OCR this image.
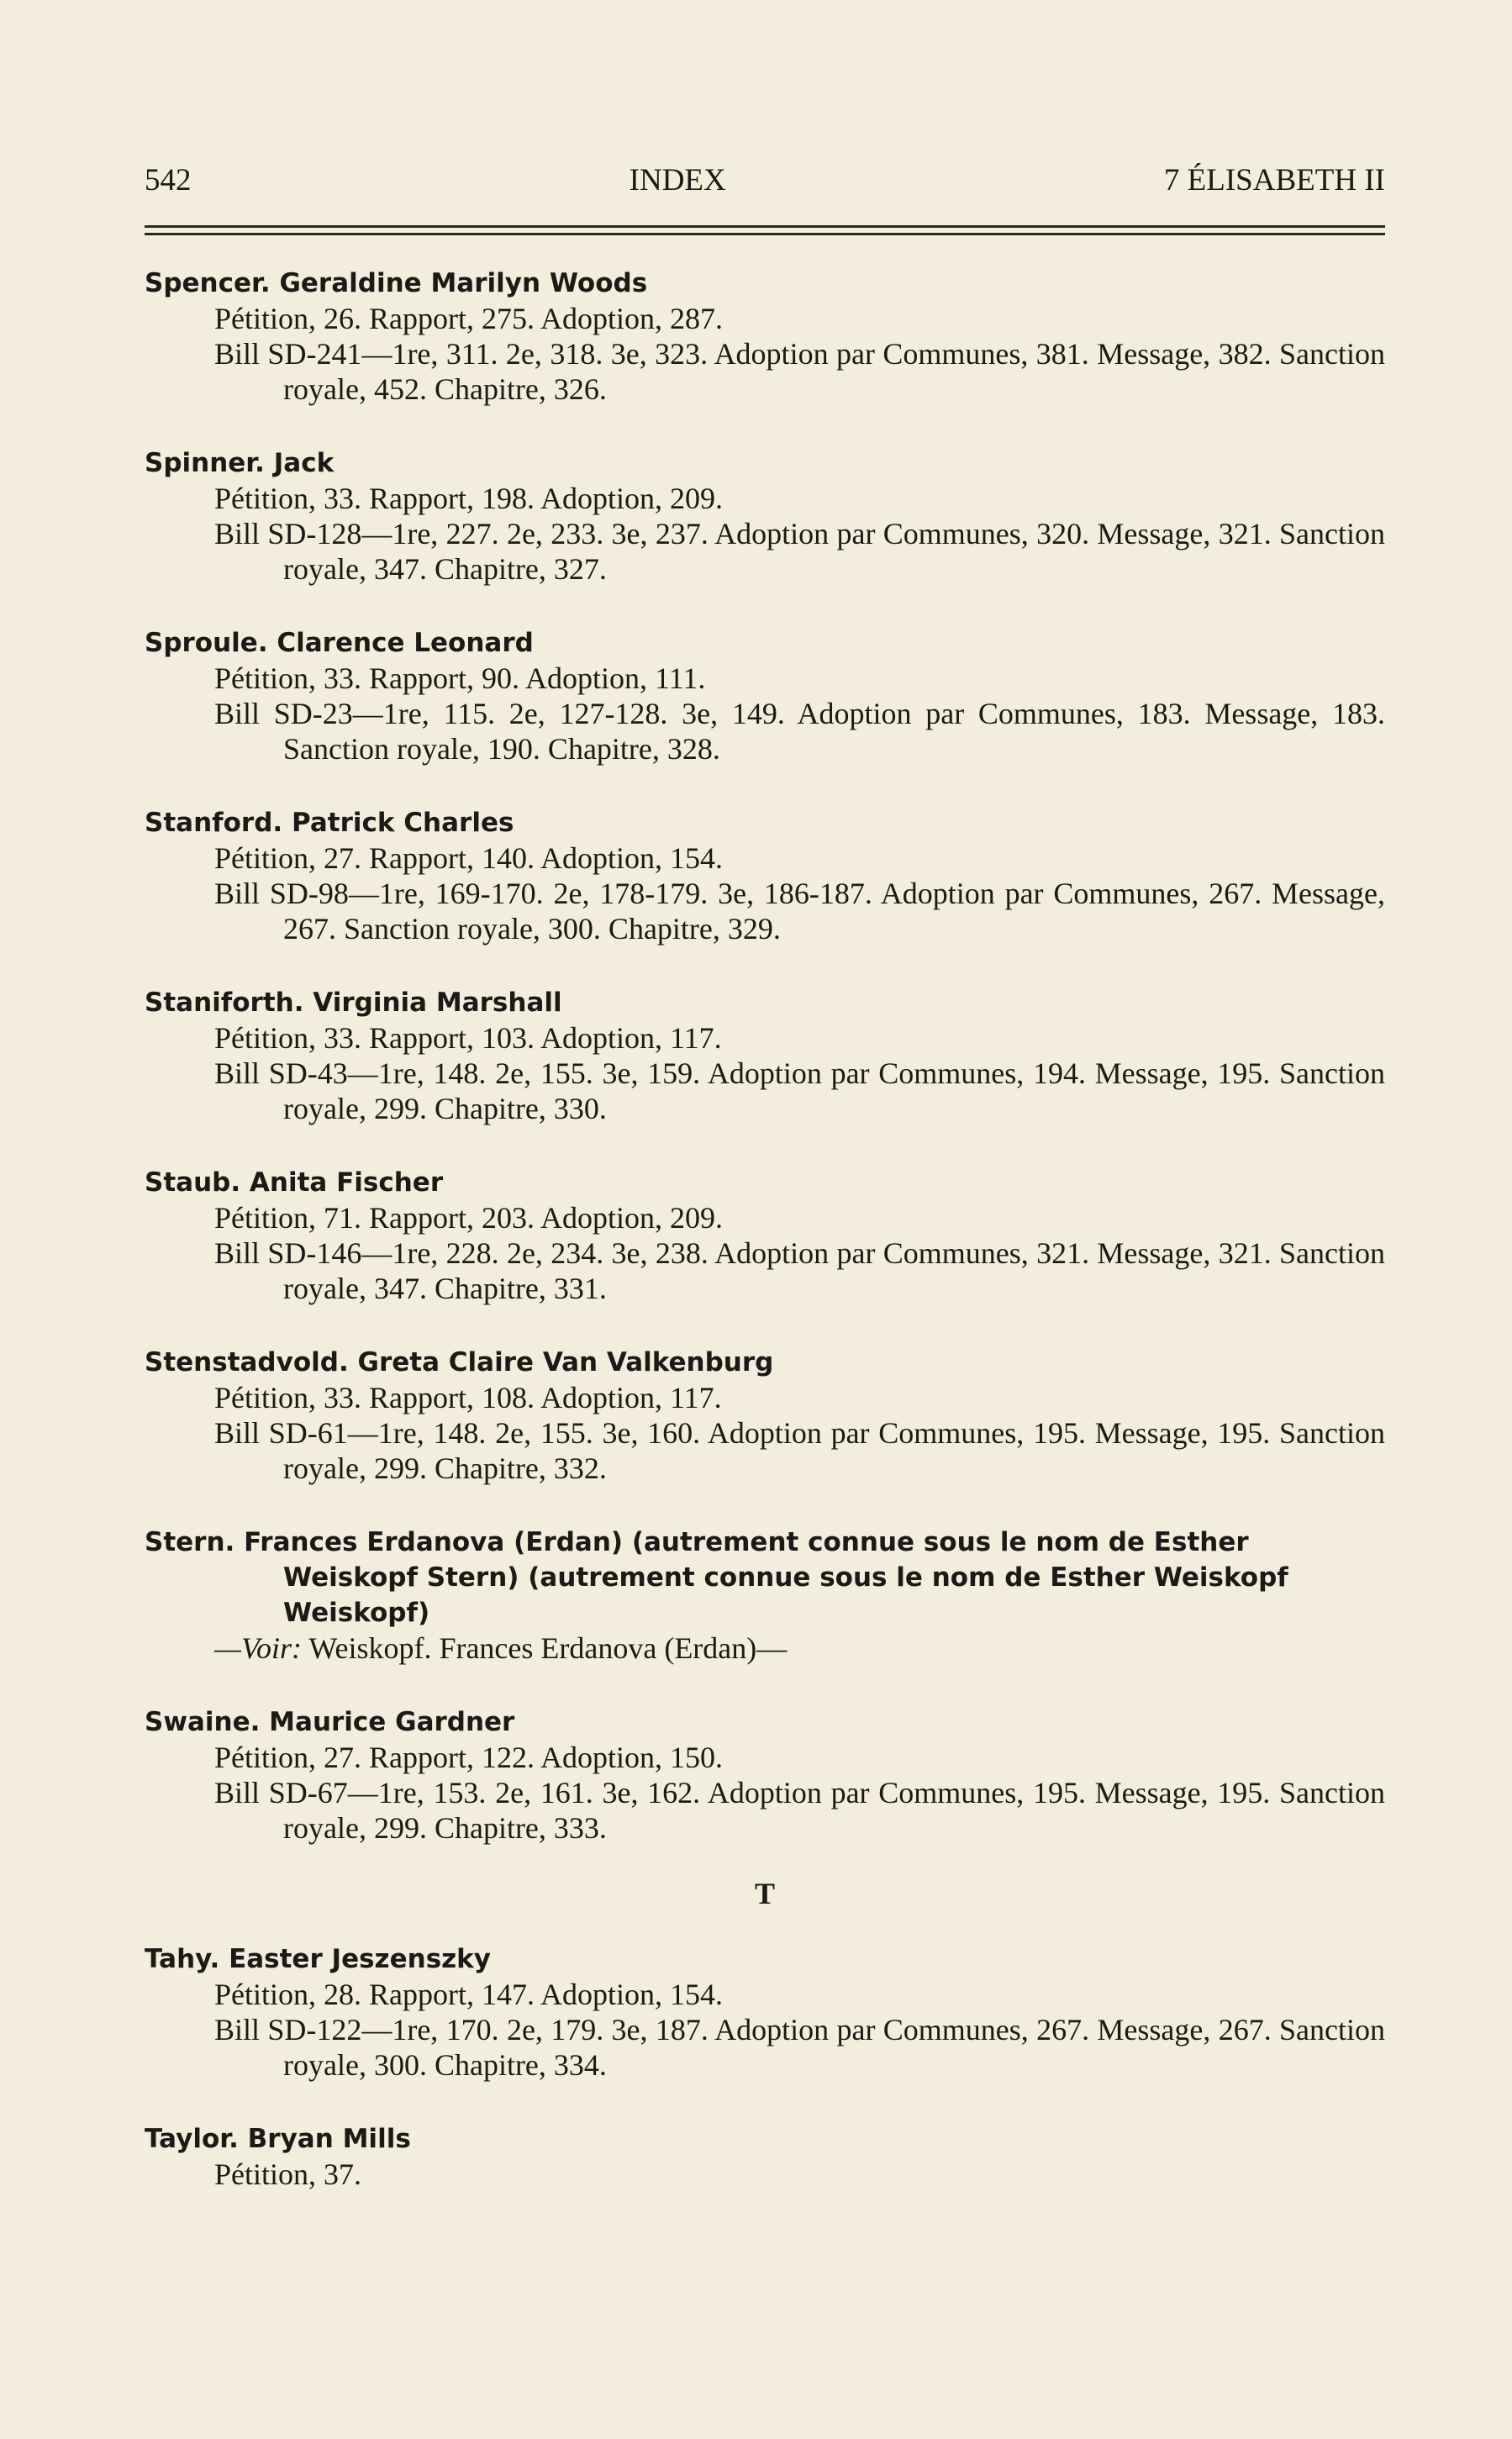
542	INDEX	7 ÉLISABETH II
Spencer. Geraldine Marilyn Woods
Pétition, 26. Rapport, 275. Adoption, 287.
Bill SD-241—1re, 311. 2e, 318. 3e, 323. Adoption par Communes, 381. Message, 382. Sanction royale, 452. Chapitre, 326.
Spinner. Jack
Pétition, 33. Rapport, 198. Adoption, 209.
Bill SD-128—1re, 227. 2e, 233. 3e, 237. Adoption par Communes, 320. Message, 321. Sanction royale, 347. Chapitre, 327.
Sproule. Clarence Leonard
Pétition, 33. Rapport, 90. Adoption, 111.
Bill SD-23—1re, 115. 2e, 127-128. 3e, 149. Adoption par Communes, 183. Message, 183. Sanction royale, 190. Chapitre, 328.
Stanford. Patrick Charles
Pétition, 27. Rapport, 140. Adoption, 154.
Bill SD-98—1re, 169-170. 2e, 178-179. 3e, 186-187. Adoption par Communes, 267. Message, 267. Sanction royale, 300. Chapitre, 329.
Staniforth. Virginia Marshall
Pétition, 33. Rapport, 103. Adoption, 117.
Bill SD-43—1re, 148. 2e, 155. 3e, 159. Adoption par Communes, 194. Message, 195. Sanction royale, 299. Chapitre, 330.
Staub. Anita Fischer
Pétition, 71. Rapport, 203. Adoption, 209.
Bill SD-146—1re, 228. 2e, 234. 3e, 238. Adoption par Communes, 321. Message, 321. Sanction royale, 347. Chapitre, 331.
Stenstadvold. Greta Claire Van Valkenburg
Pétition, 33. Rapport, 108. Adoption, 117.
Bill SD-61—1re, 148. 2e, 155. 3e, 160. Adoption par Communes, 195. Message, 195. Sanction royale, 299. Chapitre, 332.
Stern. Frances Erdanova (Erdan) (autrement connue sous le nom de Esther Weiskopf Stern) (autrement connue sous le nom de Esther Weiskopf Weiskopf)
—Voir: Weiskopf. Frances Erdanova (Erdan)—
Swaine. Maurice Gardner
Pétition, 27. Rapport, 122. Adoption, 150.
Bill SD-67—1re, 153. 2e, 161. 3e, 162. Adoption par Communes, 195. Message, 195. Sanction royale, 299. Chapitre, 333.
T
Tahy. Easter Jeszenszky
Pétition, 28. Rapport, 147. Adoption, 154.
Bill SD-122—1re, 170. 2e, 179. 3e, 187. Adoption par Communes, 267. Message, 267. Sanction royale, 300. Chapitre, 334.
Taylor. Bryan Mills
Pétition, 37.
